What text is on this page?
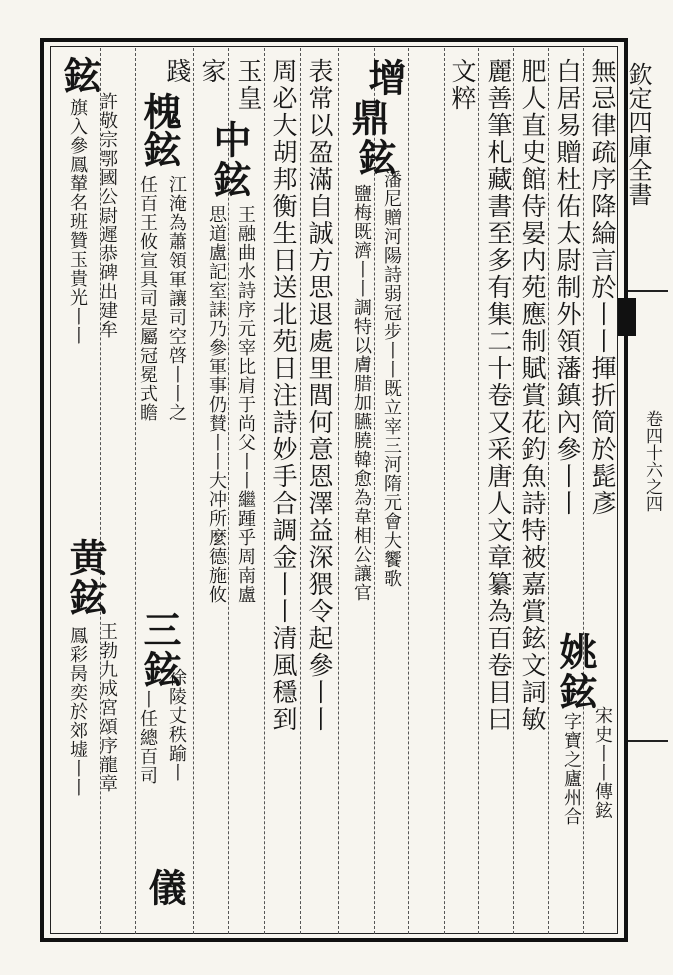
欽定四庫全書
卷四十六之四
無忌律疏序降綸言於丨丨揮折简於髭彥
白居易贈杜佑太尉制外領藩鎮內參丨丨
姚
鉉
宋史丨丨傳鉉
字寶之廬州合
肥人直史館侍晏内苑應制賦賞花釣魚詩特被嘉賞鉉文詞敏
麗善筆札藏書至多有集二十卷又采唐人文章纂為百卷目曰
文粹
增
鼎
鉉
潘尼贈河陽詩弱冠步丨丨既立宰三河隋元會大饗歌
鹽梅既濟丨丨調特以膚腊加臙膮韓愈為韋相公讓官
表常以盈滿自誠方思退處里閭何意恩澤益深猥令起參丨丨
周必大胡邦衡生日送北苑日注詩妙手合調金丨丨清風穩到
玉皇
中
鉉
王融曲水詩序元宰比肩于尚父丨丨繼踵乎周南盧
思道盧記室誄乃參軍事仍賛丨丨大冲所麼德施攸
家
踐
槐
鉉
江淹為蕭領軍讓司空啓丨丨之
任百王攸宣具司是屬冠冕式瞻
三
鉉
徐陵丈秩踰丨
丨任總百司
儀
鉉
許敬宗鄂國公尉遲恭碑出建牟
旗入參鳳輦名班贊玉貴光丨丨
黄
鉉
王勃九成宮頌序龍章
鳳彩昺奕於郊墟丨丨
